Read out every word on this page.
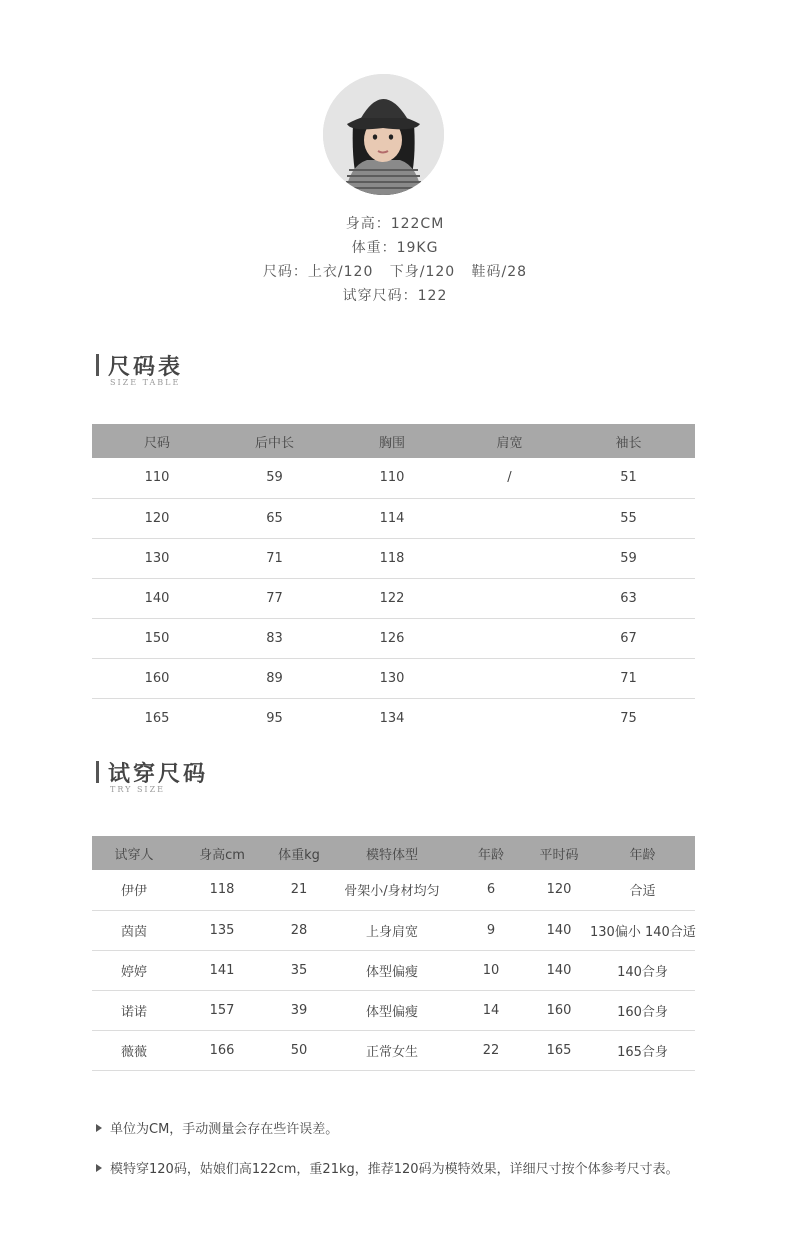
身高：122CM
体重：19KG
尺码：上衣/120   下身/120   鞋码/28
试穿尺码：122
尺码表
SIZE TABLE
尺码	后中长	胸围	肩宽	袖长
110	59	110	/	51
120	65	114		55
130	71	118		59
140	77	122		63
150	83	126		67
160	89	130		71
165	95	134		75
试穿尺码
TRY SIZE
试穿人	身高cm	体重kg	模特体型	年龄	平时码	年龄
伊伊	118	21	骨架小/身材均匀	6	120	合适
茵茵	135	28	上身肩宽	9	140	130偏小 140合适
婷婷	141	35	体型偏瘦	10	140	140合身
诺诺	157	39	体型偏瘦	14	160	160合身
薇薇	166	50	正常女生	22	165	165合身
单位为CM，手动测量会存在些许误差。
模特穿120码，姑娘们高122cm，重21kg，推荐120码为模特效果，详细尺寸按个体参考尺寸表。
